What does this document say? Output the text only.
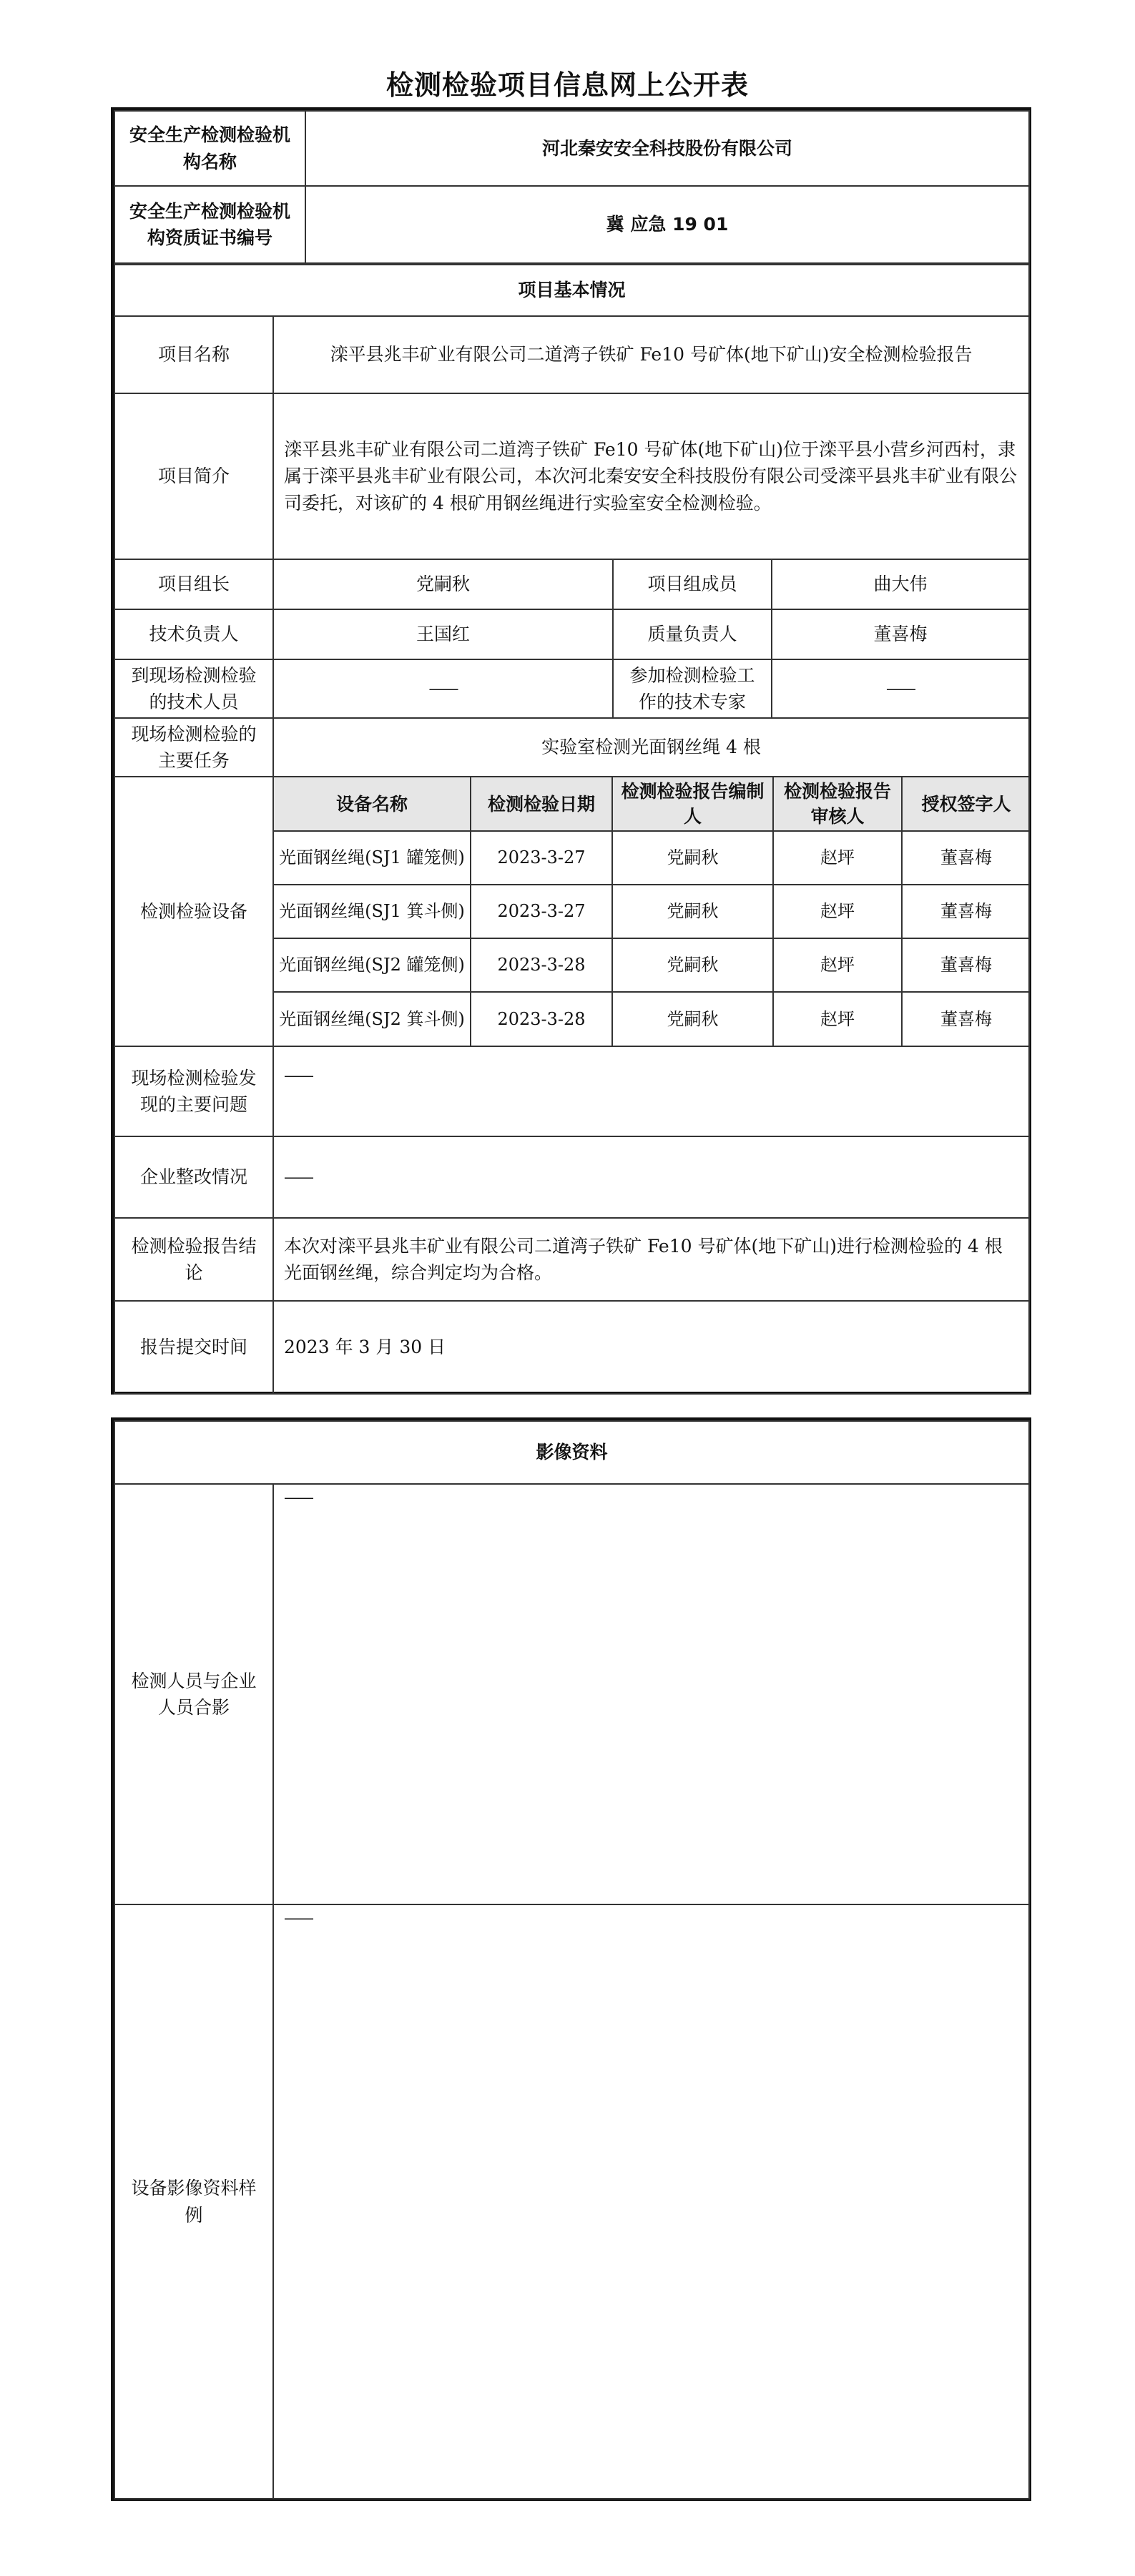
检测检验项目信息网上公开表
安全生产检测检验机构名称	河北秦安安全科技股份有限公司
安全生产检测检验机构资质证书编号	冀 应急 19 01
项目基本情况
项目名称	滦平县兆丰矿业有限公司二道湾子铁矿 Fe10 号矿体(地下矿山)安全检测检验报告
项目简介	滦平县兆丰矿业有限公司二道湾子铁矿 Fe10 号矿体(地下矿山)位于滦平县小营乡河西村，隶属于滦平县兆丰矿业有限公司，本次河北秦安安全科技股份有限公司受滦平县兆丰矿业有限公司委托，对该矿的 4 根矿用钢丝绳进行实验室安全检测检验。
项目组长	党嗣秋	项目组成员	曲大伟
技术负责人	王国红	质量负责人	董喜梅
到现场检测检验的技术人员	——	参加检测检验工作的技术专家	——
现场检测检验的主要任务	实验室检测光面钢丝绳 4 根
检测检验设备	
设备名称	检测检验日期	检测检验报告编制人	检测检验报告审核人	授权签字人
光面钢丝绳(SJ1 罐笼侧)	2023-3-27	党嗣秋	赵坪	董喜梅
光面钢丝绳(SJ1 箕斗侧)	2023-3-27	党嗣秋	赵坪	董喜梅
光面钢丝绳(SJ2 罐笼侧)	2023-3-28	党嗣秋	赵坪	董喜梅
光面钢丝绳(SJ2 箕斗侧)	2023-3-28	党嗣秋	赵坪	董喜梅

现场检测检验发现的主要问题	——
企业整改情况	——
检测检验报告结论	本次对滦平县兆丰矿业有限公司二道湾子铁矿 Fe10 号矿体(地下矿山)进行检测检验的 4 根光面钢丝绳，综合判定均为合格。
报告提交时间	2023 年 3 月 30 日
影像资料	
检测人员与企业人员合影	——
设备影像资料样例	——
